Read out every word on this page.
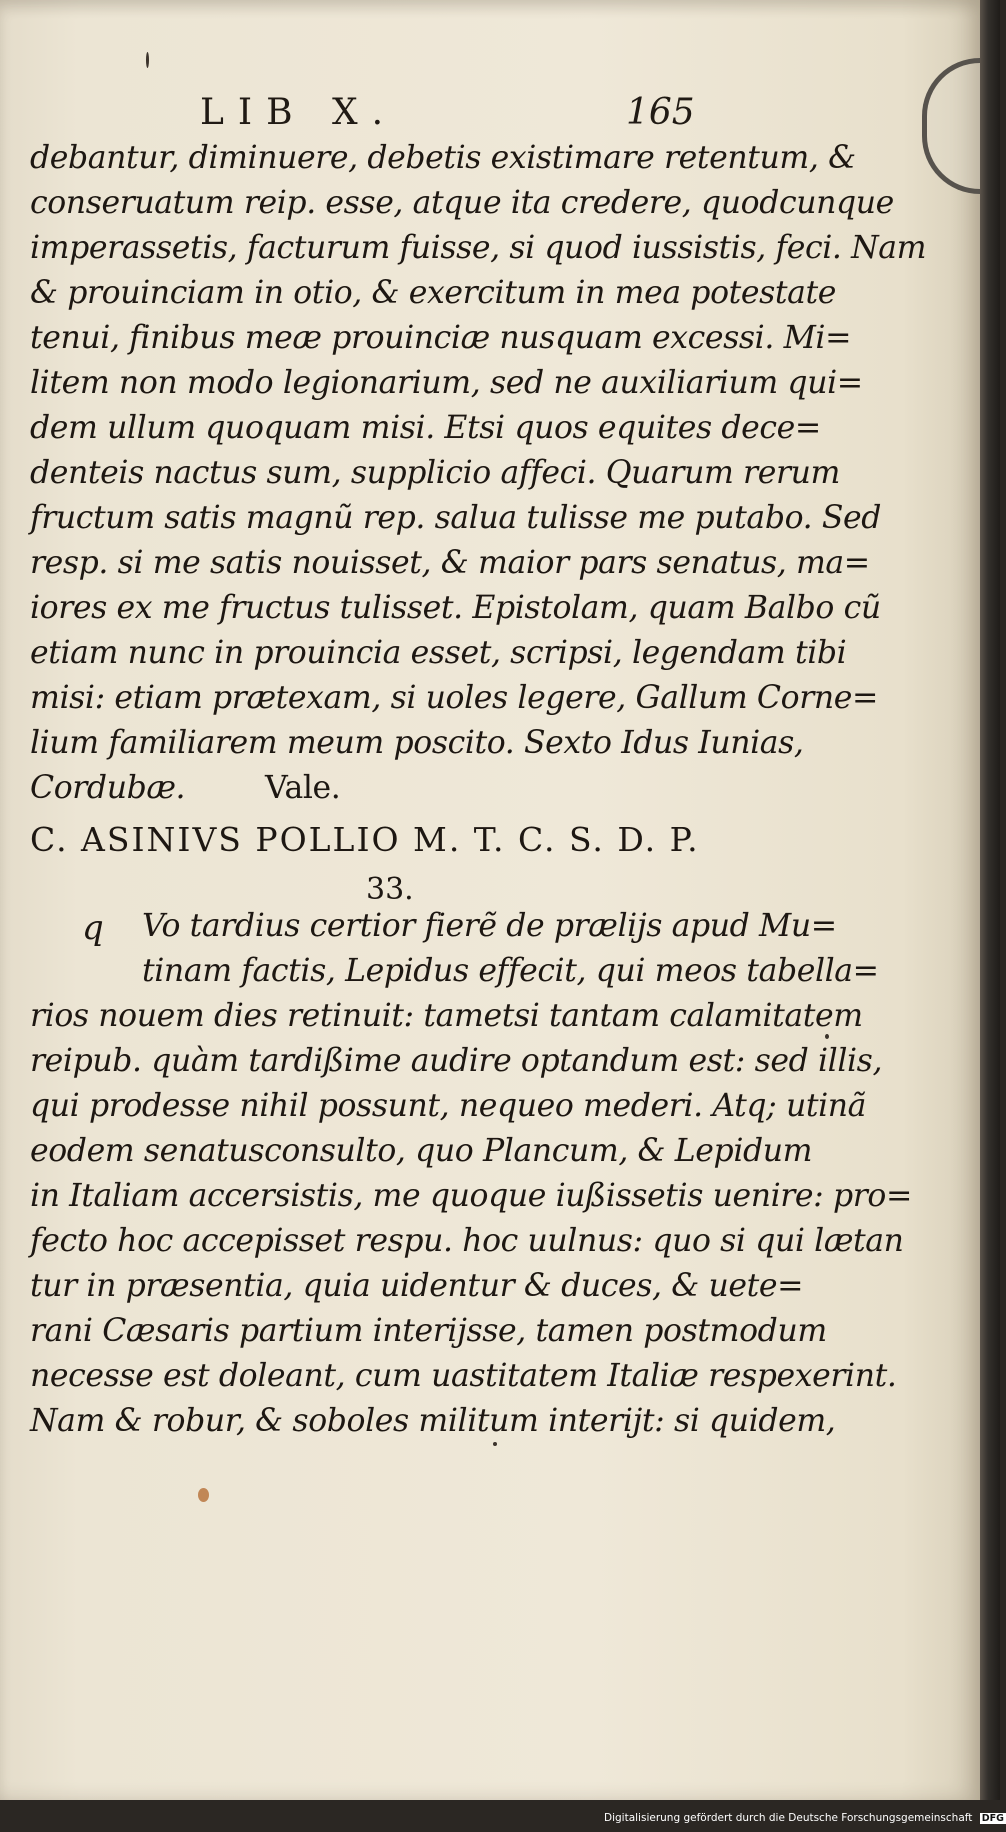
LIB X.	165
debantur, diminuere, debetis existimare retentum, &
conseruatum reip. esse, atque ita credere, quodcunque
imperassetis, facturum fuisse, si quod iussistis, feci. Nam
& prouinciam in otio, & exercitum in mea potestate
tenui, finibus meæ prouinciæ nusquam excessi. Mi=
litem non modo legionarium, sed ne auxiliarium qui=
dem ullum quoquam misi. Etsi quos equites dece=
denteis nactus sum, supplicio affeci. Quarum rerum
fructum satis magnũ rep. salua tulisse me putabo. Sed
resp. si me satis nouisset, & maior pars senatus, ma=
iores ex me fructus tulisset. Epistolam, quam Balbo cũ
etiam nunc in prouincia esset, scripsi, legendam tibi
misi: etiam prætexam, si uoles legere, Gallum Corne=
lium familiarem meum poscito. Sexto Idus Iunias,
Cordubæ.	Vale.
C. ASINIVS POLLIO M. T. C. S. D. P.
33.
q Vo tardius certior fierẽ de prælijs apud Mu=
tinam factis, Lepidus effecit, qui meos tabella=
rios nouem dies retinuit: tametsi tantam calamitatem
reipub. quàm tardißime audire optandum est: sed illis,
qui prodesse nihil possunt, nequeo mederi. Atq; utinã
eodem senatusconsulto, quo Plancum, & Lepidum
in Italiam accersistis, me quoque iußissetis uenire: pro=
fecto hoc accepisset respu. hoc uulnus: quo si qui lætan
tur in præsentia, quia uidentur & duces, & uete=
rani Cæsaris partium interijsse, tamen postmodum
necesse est doleant, cum uastitatem Italiæ respexerint.
Nam & robur, & soboles militum interijt: si quidem,
Digitalisierung gefördert durch die Deutsche Forschungsgemeinschaft DFG
